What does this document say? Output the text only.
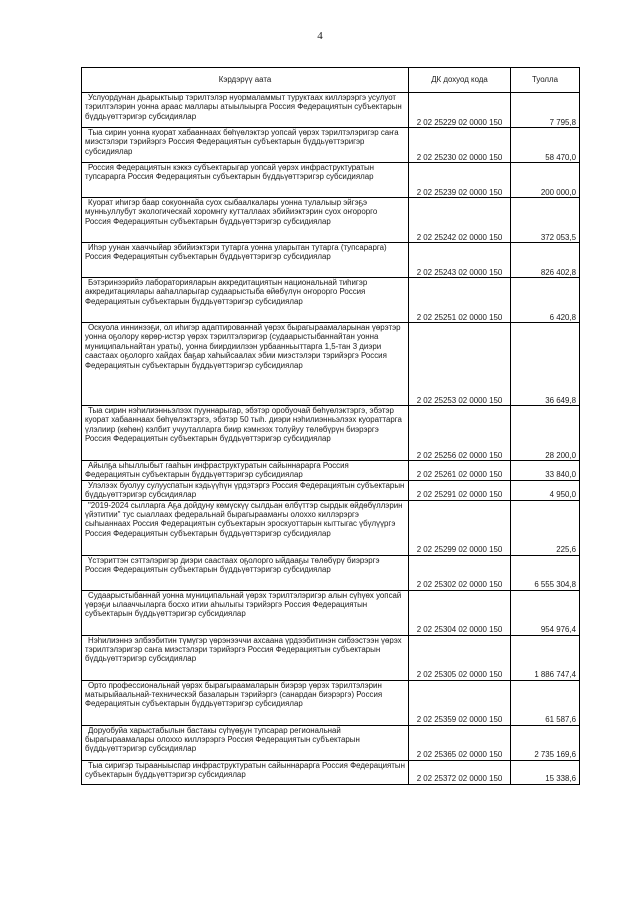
4
Кэрдэрүү аата	ДК дохуод кода	Туолла

Услуордунан дьарыктыыр тэрилтэлэр нуормаламмыт туруктаах киллэрэргэ усулуот тэрилтэлэрин уонна араас маллары атыылыырга Россия Федерациятын субъектарын бүддьүөттэригэр субсидиялар	2 02 25229 02 0000 150	7 795,8

Тыа сирин уонна куорат хабааннаах бөһүөлэктэр уопсай үөрэх тэрилтэлэригэр саҥа миэстэлэри тэрийэргэ Россия Федерациятын субъектарын бүддьүөттэригэр субсидиялар	2 02 25230 02 0000 150	58 470,0

Россия Федерациятын кэккэ субъектарыгар уопсай үөрэх инфраструктуратын тупсарарга Россия Федерациятын субъектарын бүддьүөттэригэр субсидиялар	2 02 25239 02 0000 150	200 000,0

Куорат иһигэр баар сокуоннайа суох сыбаалкалары уонна тулалыыр эйгэҕэ мунньуллубут экологическай хоромнгу кутталлаах эбийиэктэрин суох оҥорорго Россия Федерациятын субъектарын бүддьүөттэригэр субсидиялар	2 02 25242 02 0000 150	372 053,5

Иһэр уунан хааччыйар эбийиэктэри тутарга уонна уларытан тутарга (тупсарарга) Россия Федерациятын субъектарын бүддьүөттэригэр субсидиялар	2 02 25243 02 0000 150	826 402,8

Бэтэринээрийэ лабораторияларын аккредитациятын национальнай тиһигэр аккредитациялары ааһалларыгар судаарыстыба өйөбүлүн оҥорорго Россия Федерациятын субъектарын бүддьүөттэригэр субсидиялар	2 02 25251 02 0000 150	6 420,8

Оскуола иннинээҕи, ол иһигэр адаптированнай үөрэх бырагыраамаларынан үөрэтэр уонна оҕолору көрөр-истэр үөрэх тэрилтэлэригэр (судаарыстыбаннайтан уонна муниципальнайтан ураты), уонна биирдиилээн урбаанньыттарга 1,5-тан 3 диэри саастаах оҕолорго хайдах баҕар хаһыйсаалах эбии миэстэлэри тэрийэргэ Россия Федерациятын субъектарын бүддьүөттэригэр субсидиялар	2 02 25253 02 0000 150	36 649,8

Тыа сирин нэһилиэнньэлээх пууннарыгар, эбэтэр оробуочай бөһүөлэктэргэ, эбэтэр куорат хабааннаах бөһүөлэктэргэ, эбэтэр 50 тыһ. диэри нэһилиэнньэлээх куораттарга үлэлиир (көһөн) кэлбит учууталларга биир кэмнээх толуйуу төлөбүрүн биэрэргэ Россия Федерациятын субъектарын бүддьүөттэригэр субсидиялар	2 02 25256 02 0000 150	28 200,0

Айылҕа ыһыллыбыт гааһын инфраструктуратын сайыннарарга Россия Федерациятын субъектарын бүддьүөттэригэр субсидиялар	2 02 25261 02 0000 150	33 840,0

Улэлээх буолуу сулууспатын кэдьүүһүн үрдэтэргэ Россия Федерациятын субъектарын бүддьүөттэригэр субсидиялар	2 02 25291 02 0000 150	4 950,0

"2019-2024 сылларга Аҕа дойдуну көмүскүү сылдьан өлбүттэр сырдык өйдөбүллэрин үйэтитии" тус сыаллаах федеральнай бырагыраамаҥы олоххо киллэрэргэ сыһыаннаах Россия Федерациятын субъектарын эроскуоттарын кыттыгас үбүлүүргэ Россия Федерациятын субъектарын бүддьүөттэригэр субсидиялар	2 02 25299 02 0000 150	225,6

Үстэриттэн сэттэлэригэр диэри саастаах оҕолорго ыйдааҕы төлөбүрү биэрэргэ Россия Федерациятын субъектарын бүддьүөттэригэр субсидиялар	2 02 25302 02 0000 150	6 555 304,8

Судаарыстыбаннай уонна муниципальнай үөрэх тэрилтэлэригэр алын сүһүөх уопсай үөрэҕи ылааччыларга босхо итии аһылыгы тэрийэргэ Россия Федерациятын субъектарын бүддьүөттэригэр субсидиялар	2 02 25304 02 0000 150	954 976,4

Нэһилиэннэ элбээбитин түмүгэр үөрэнээччи ахсаана үрдээбитинэн сибээстээн үөрэх тэрилтэлэригэр саҥа миэстэлэри тэрийэргэ Россия Федерациятын субъектарын бүддьүөттэригэр субсидиялар	2 02 25305 02 0000 150	1 886 747,4

Орто профессиональнай үөрэх бырагыраамаларын биэрэр үөрэх тэрилтэлэрин матырыйаальнай-техническэй базаларын тэрийэргэ (санардан биэрэргэ) Россия Федерациятын субъектарын бүддьүөттэригэр субсидиялар	2 02 25359 02 0000 150	61 587,6

Доруобуйа харыстабылын бастакы сүһүөҕүн тупсарар региональнай бырагыраамалары олоххо киллэрэргэ Россия Федерациятын субъектарын бүддьүөттэригэр субсидиялар	2 02 25365 02 0000 150	2 735 169,6

Тыа сиригэр тырааныыспар инфраструктуратын сайыннарарга Россия Федерациятын субъектарын бүддьүөттэригэр субсидиялар	2 02 25372 02 0000 150	15 338,6
